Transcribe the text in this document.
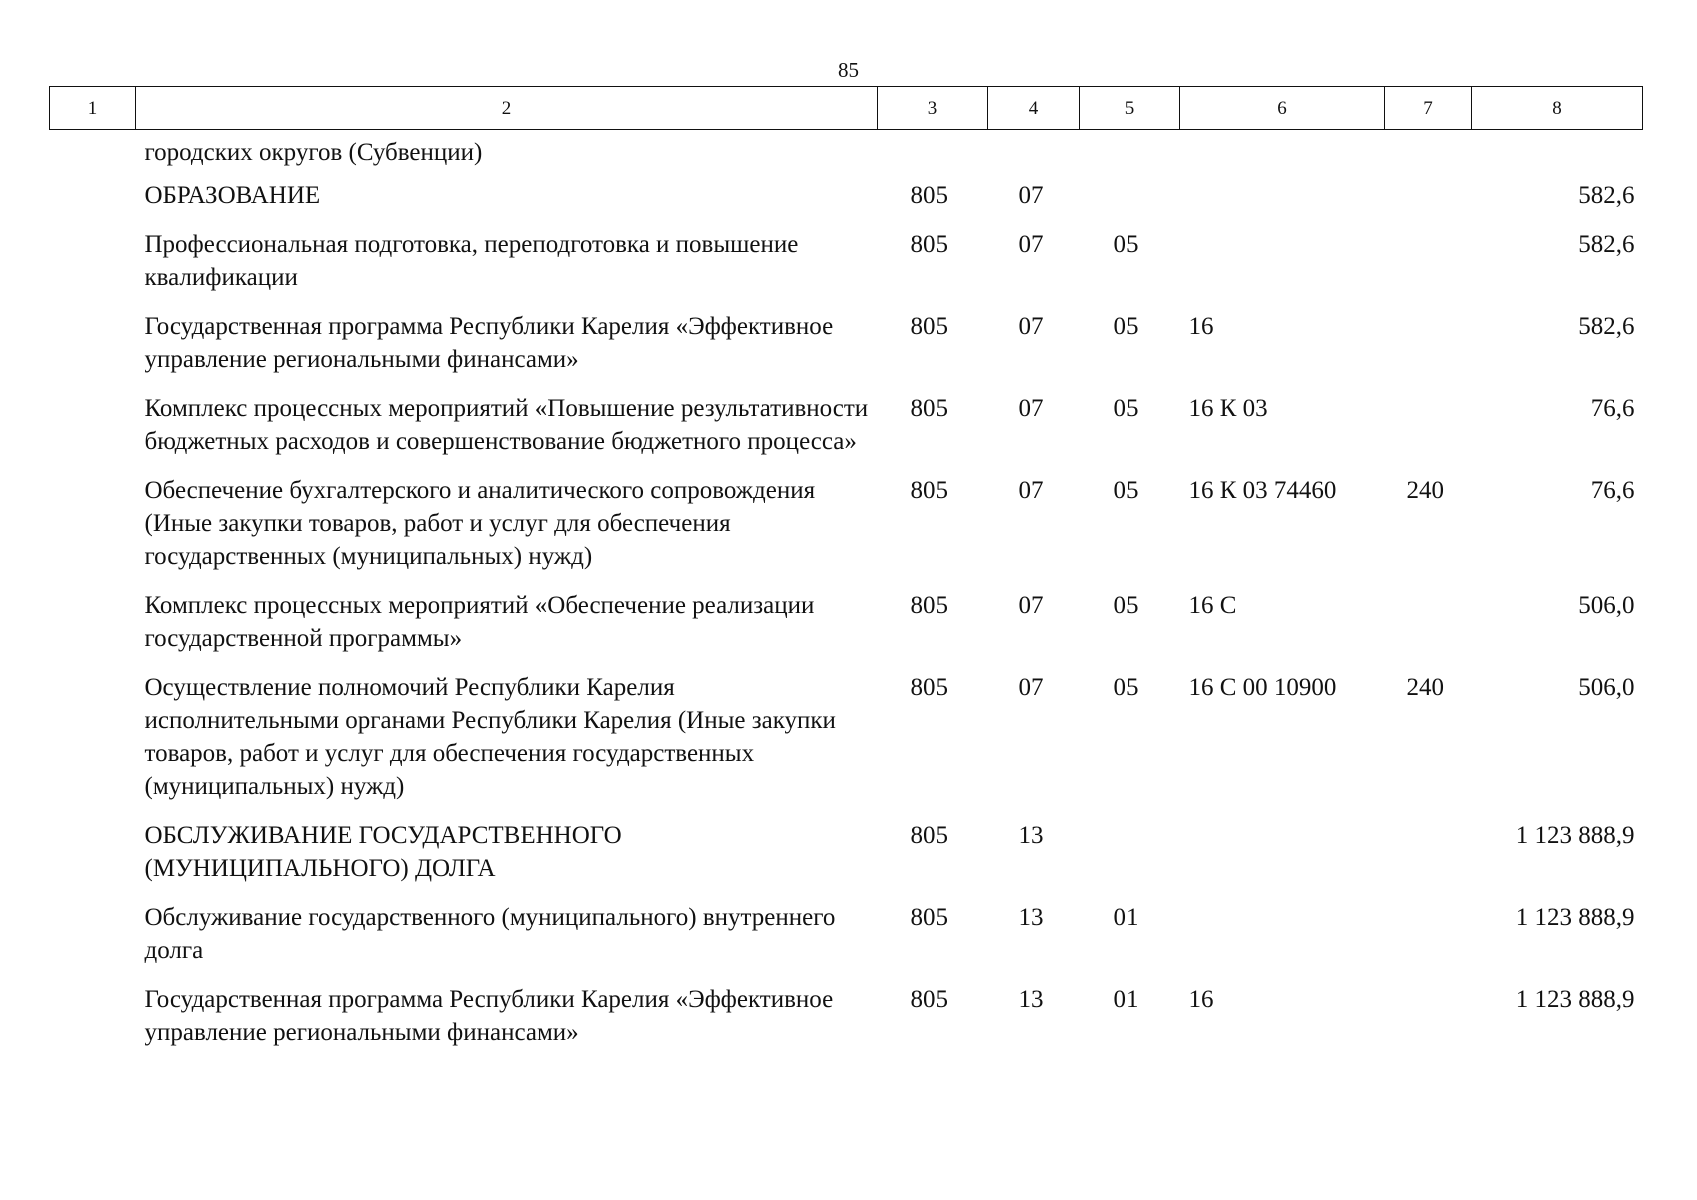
85
1	2	3	4	5	6	7	8
	городских округов (Субвенции)						
	ОБРАЗОВАНИЕ	805	07				582,6
	Профессиональная подготовка, переподготовка и повышение квалификации	805	07	05			582,6
	Государственная программа Республики Карелия «Эффективное управление региональными финансами»	805	07	05	16		582,6
	Комплекс процессных мероприятий «Повышение результативности бюджетных расходов и совершенствование бюджетного процесса»	805	07	05	16 К 03		76,6
	Обеспечение бухгалтерского и аналитического сопровождения (Иные закупки товаров, работ и услуг для обеспечения государственных (муниципальных) нужд)	805	07	05	16 К 03 74460	240	76,6
	Комплекс процессных мероприятий «Обеспечение реализации государственной программы»	805	07	05	16 С		506,0
	Осуществление полномочий Республики Карелия исполнительными органами Республики Карелия (Иные закупки товаров, работ и услуг для обеспечения государственных (муниципальных) нужд)	805	07	05	16 С 00 10900	240	506,0
	ОБСЛУЖИВАНИЕ ГОСУДАРСТВЕННОГО (МУНИЦИПАЛЬНОГО) ДОЛГА	805	13				1 123 888,9
	Обслуживание государственного (муниципального) внутреннего долга	805	13	01			1 123 888,9
	Государственная программа Республики Карелия «Эффективное управление региональными финансами»	805	13	01	16		1 123 888,9
